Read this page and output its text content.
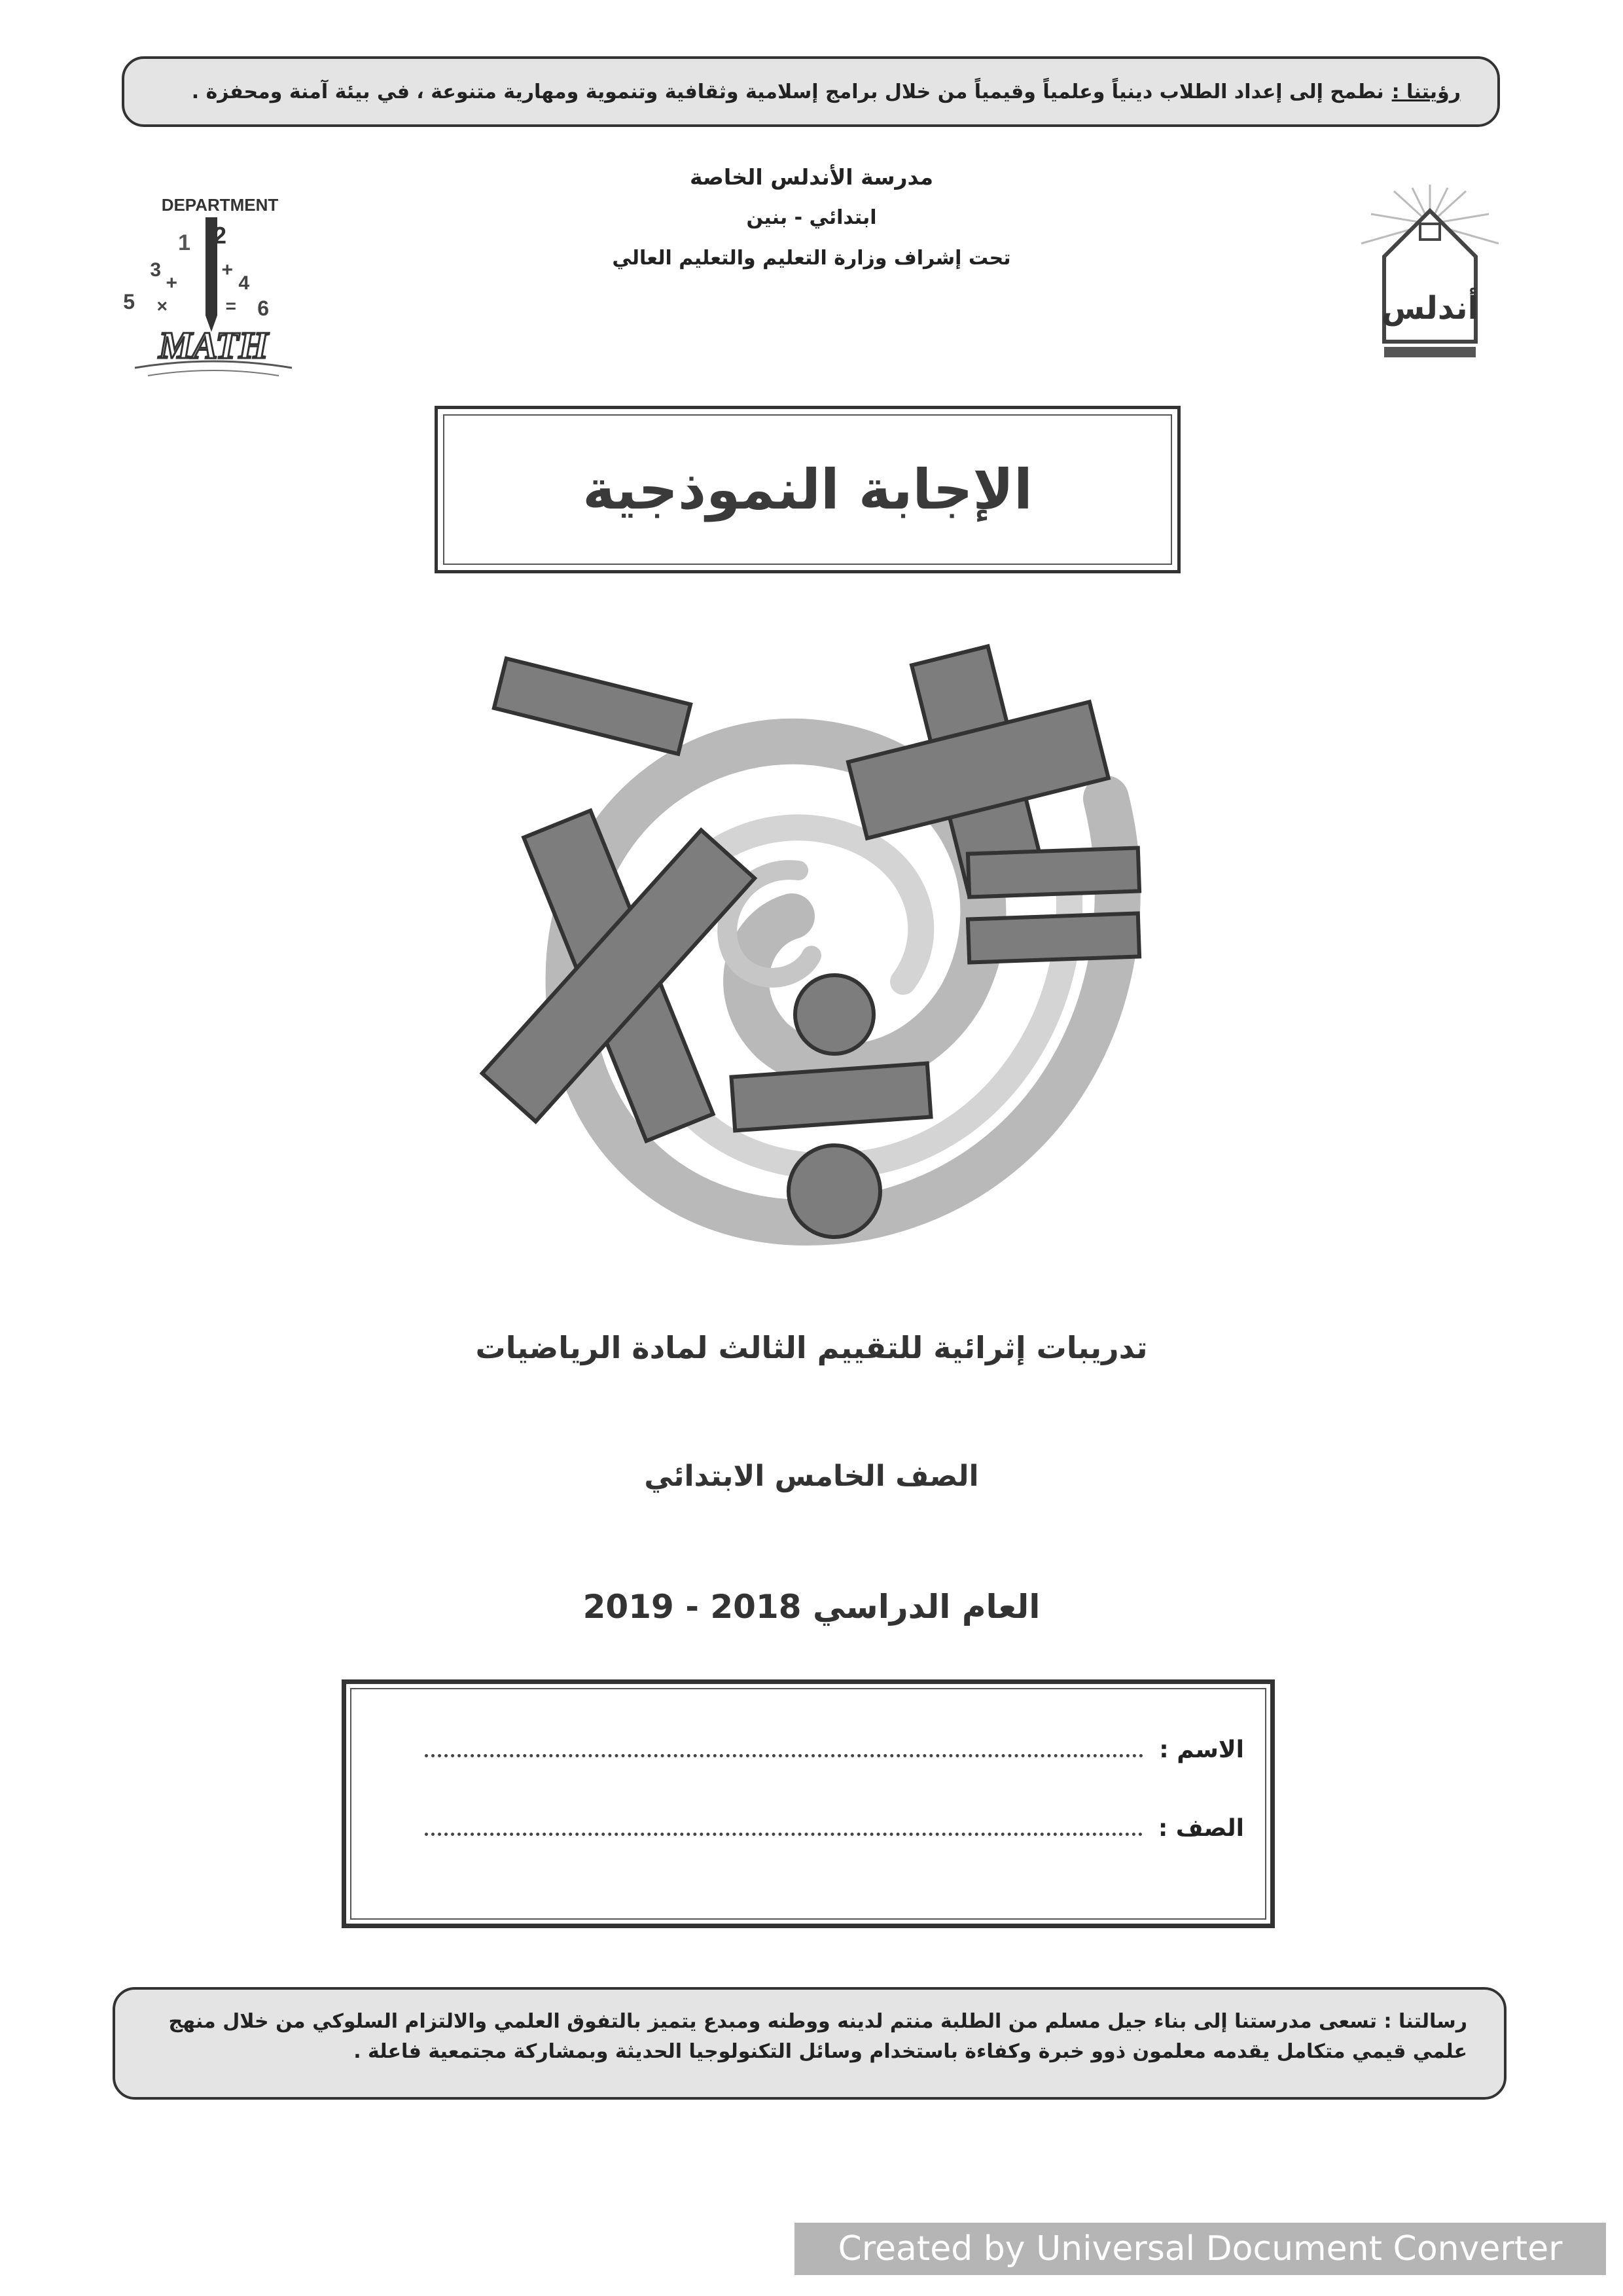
رؤيتنا :
نطمح إلى إعداد الطلاب دينياً وعلمياً وقيمياً من خلال برامج إسلامية وثقافية وتنموية ومهارية متنوعة ، في بيئة آمنة ومحفزة .
مدرسة الأندلس الخاصة
ابتدائي - بنين
تحت إشراف وزارة التعليم والتعليم العالي
DEPARTMENT
1 2
3
+
+
4
5 ×	= 6
MATH
أندلس
الإجابة النموذجية
تدريبات إثرائية للتقييم الثالث لمادة الرياضيات
الصف الخامس الابتدائي
العام الدراسي 2018 - 2019
الاسم :
الصف :
رسالتنا : تسعى مدرستنا إلى بناء جيل مسلم من الطلبة منتم لدينه ووطنه ومبدع يتميز بالتفوق العلمي والالتزام السلوكي من خلال منهج
علمي قيمي متكامل يقدمه معلمون ذوو خبرة وكفاءة باستخدام وسائل التكنولوجيا الحديثة وبمشاركة مجتمعية فاعلة .
Created by Universal Document Converter
